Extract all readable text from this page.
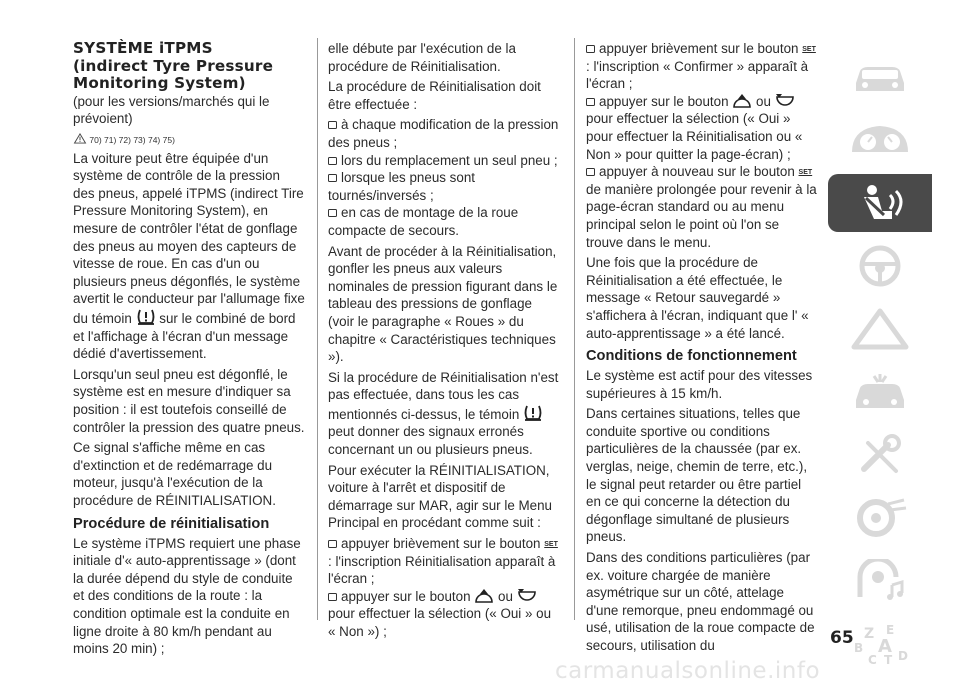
SYSTÈME iTPMS
(indirect Tyre Pressure
Monitoring System)

(pour les versions/marchés qui le prévoient)

70) 71) 72) 73) 74) 75)

La voiture peut être équipée d'un système de contrôle de la pression des pneus, appelé iTPMS (indirect Tire Pressure Monitoring System), en mesure de contrôler l'état de gonflage des pneus au moyen des capteurs de vitesse de roue. En cas d'un ou plusieurs pneus dégonflés, le système avertit le conducteur par l'allumage fixe du témoin sur le combiné de bord et l'affichage à l'écran d'un message dédié d'avertissement.

Lorsqu'un seul pneu est dégonflé, le système est en mesure d'indiquer sa position : il est toutefois conseillé de contrôler la pression des quatre pneus.

Ce signal s'affiche même en cas d'extinction et de redémarrage du moteur, jusqu'à l'exécution de la procédure de RÉINITIALISATION.

Procédure de réinitialisation

Le système iTPMS requiert une phase initiale d'« auto-apprentissage » (dont la durée dépend du style de conduite et des conditions de la route : la condition optimale est la conduite en ligne droite à 80 km/h pendant au moins 20 min) ;

elle débute par l'exécution de la procédure de Réinitialisation.

La procédure de Réinitialisation doit être effectuée :

à chaque modification de la pression des pneus ;
lors du remplacement un seul pneu ;
lorsque les pneus sont tournés/inversés ;
en cas de montage de la roue compacte de secours.

Avant de procéder à la Réinitialisation, gonfler les pneus aux valeurs nominales de pression figurant dans le tableau des pressions de gonflage (voir le paragraphe « Roues » du chapitre « Caractéristiques techniques »).

Si la procédure de Réinitialisation n'est pas effectuée, dans tous les cas mentionnés ci-dessus, le témoin  peut donner des signaux erronés concernant un ou plusieurs pneus.

Pour exécuter la RÉINITIALISATION, voiture à l'arrêt et dispositif de démarrage sur MAR, agir sur le Menu Principal en procédant comme suit :

appuyer brièvement sur le bouton SET: l'inscription Réinitialisation apparaît à l'écran ;
appuyer sur le bouton ou  pour effectuer la sélection (« Oui » ou « Non ») ;
appuyer brièvement sur le bouton SET: l'inscription « Confirmer » apparaît à l'écran ;
appuyer sur le bouton ou  pour effectuer la sélection (« Oui » pour effectuer la Réinitialisation ou « Non » pour quitter la page-écran) ;
appuyer à nouveau sur le bouton SETde manière prolongée pour revenir à la page-écran standard ou au menu principal selon le point où l'on se trouve dans le menu.

Une fois que la procédure de Réinitialisation a été effectuée, le message « Retour sauvegardé » s'affichera à l'écran, indiquant que l' « auto-apprentissage » a été lancé.

Conditions de fonctionnement

Le système est actif pour des vitesses supérieures à 15 km/h.

Dans certaines situations, telles que conduite sportive ou conditions particulières de la chaussée (par ex. verglas, neige, chemin de terre, etc.), le signal peut retarder ou être partiel en ce qui concerne la détection du dégonflage simultané de plusieurs pneus.

Dans des conditions particulières (par ex. voiture chargée de manière asymétrique sur un côté, attelage d'une remorque, pneu endommagé ou usé, utilisation de la roue compacte de secours, utilisation du

Z E
B A
C T D
65
carmanualsonline.info
